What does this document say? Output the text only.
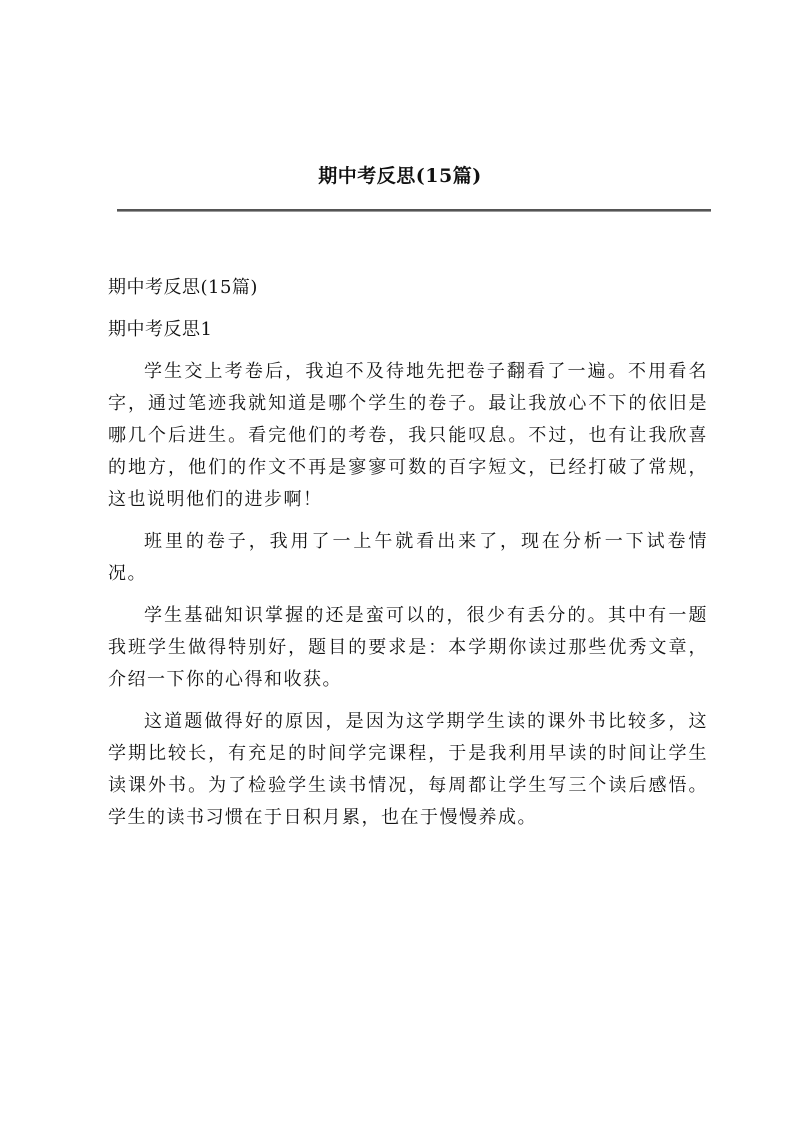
期中考反思(15篇)

期中考反思(15篇)

期中考反思1

学生交上考卷后，我迫不及待地先把卷子翻看了一遍。不用看名字，通过笔迹我就知道是哪个学生的卷子。最让我放心不下的依旧是哪几个后进生。看完他们的考卷，我只能叹息。不过，也有让我欣喜的地方，他们的作文不再是寥寥可数的百字短文，已经打破了常规，这也说明他们的进步啊！

班里的卷子，我用了一上午就看出来了，现在分析一下试卷情况。

学生基础知识掌握的还是蛮可以的，很少有丢分的。其中有一题我班学生做得特别好，题目的要求是：本学期你读过那些优秀文章，介绍一下你的心得和收获。

这道题做得好的原因，是因为这学期学生读的课外书比较多，这学期比较长，有充足的时间学完课程，于是我利用早读的时间让学生读课外书。为了检验学生读书情况，每周都让学生写三个读后感悟。学生的读书习惯在于日积月累，也在于慢慢养成。
